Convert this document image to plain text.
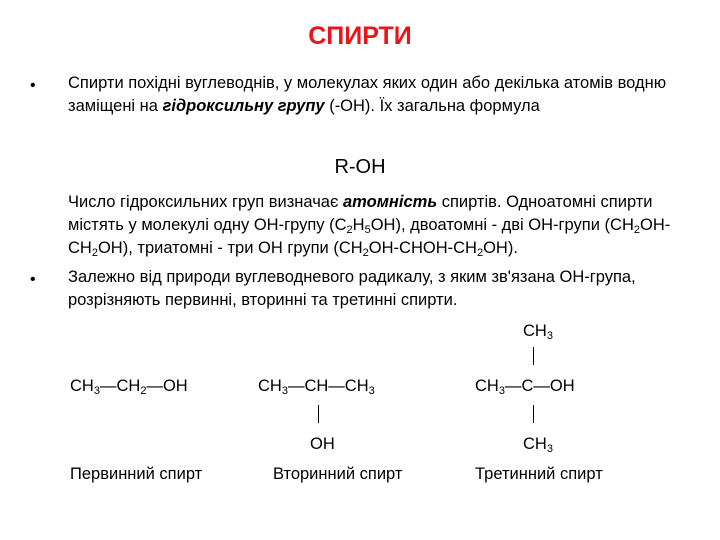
СПИРТИ
• Спирти похідні вуглеводнів, у молекулах яких один або декілька атомів водню заміщені на гідроксильну групу (-OH). Їх загальна формула
R-OH
Число гідроксильних груп визначає атомність спиртів. Одноатомні спирти містять у молекулі одну OH-групу $(C_2H_5OH)$, двоатомні - дві OH-групи $(CH_2OH-CH_2OH)$, триатомні - три OH групи $(CH_2OH-CHOH-CH_2OH)$.
• Залежно від природи вуглеводневого радикалу, з яким зв'язана OH-група, розрізняють первинні, вторинні та третинні спирти.
$CH_3—CH_2—OH$
Первинний спирт
$CH_3—CH—CH_3$
OH
Вторинний спирт
$CH_3$
$CH_3—C—OH$
$CH_3$
Третинний спирт
